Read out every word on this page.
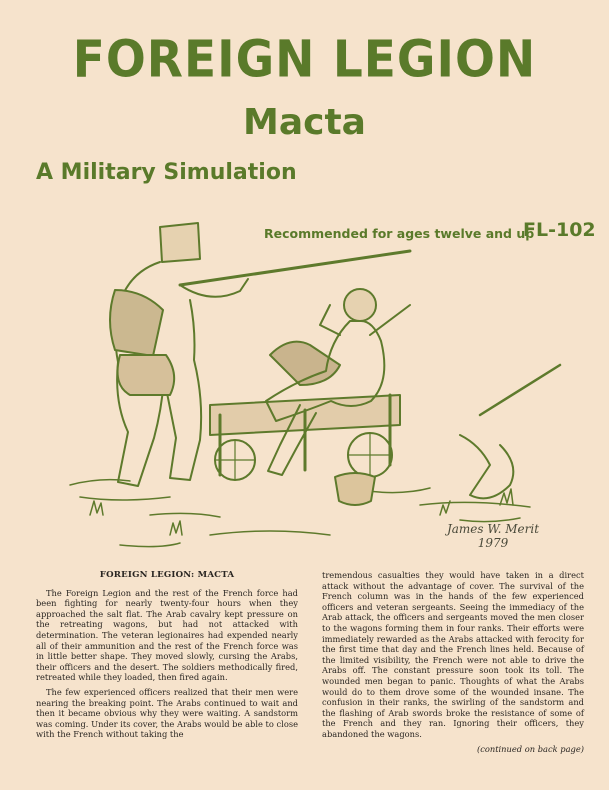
FOREIGN LEGION
Macta
A Military Simulation
Recommended for ages twelve and up
FL-102
James W. Merit
1979
FOREIGN LEGION: MACTA

The Foreign Legion and the rest of the French force had been fighting for nearly twenty-four hours when they approached the salt flat. The Arab cavalry kept pressure on the retreating wagons, but had not attacked with determination. The veteran legionaires had expended nearly all of their ammunition and the rest of the French force was in little better shape. They moved slowly, cursing the Arabs, their officers and the desert. The soldiers methodically fired, retreated while they loaded, then fired again.

The few experienced officers realized that their men were nearing the breaking point. The Arabs continued to wait and then it became obvious why they were waiting. A sandstorm was coming. Under its cover, the Arabs would be able to close with the French without taking the

tremendous casualties they would have taken in a direct attack without the advantage of cover. The survival of the French column was in the hands of the few experienced officers and veteran sergeants. Seeing the immediacy of the Arab attack, the officers and sergeants moved the men closer to the wagons forming them in four ranks. Their efforts were immediately rewarded as the Arabs attacked with ferocity for the first time that day and the French lines held. Because of the limited visibility, the French were not able to drive the Arabs off. The constant pressure soon took its toll. The wounded men began to panic. Thoughts of what the Arabs would do to them drove some of the wounded insane. The confusion in their ranks, the swirling of the sandstorm and the flashing of Arab swords broke the resistance of some of the French and they ran. Ignoring their officers, they abandoned the wagons.

(continued on back page)
